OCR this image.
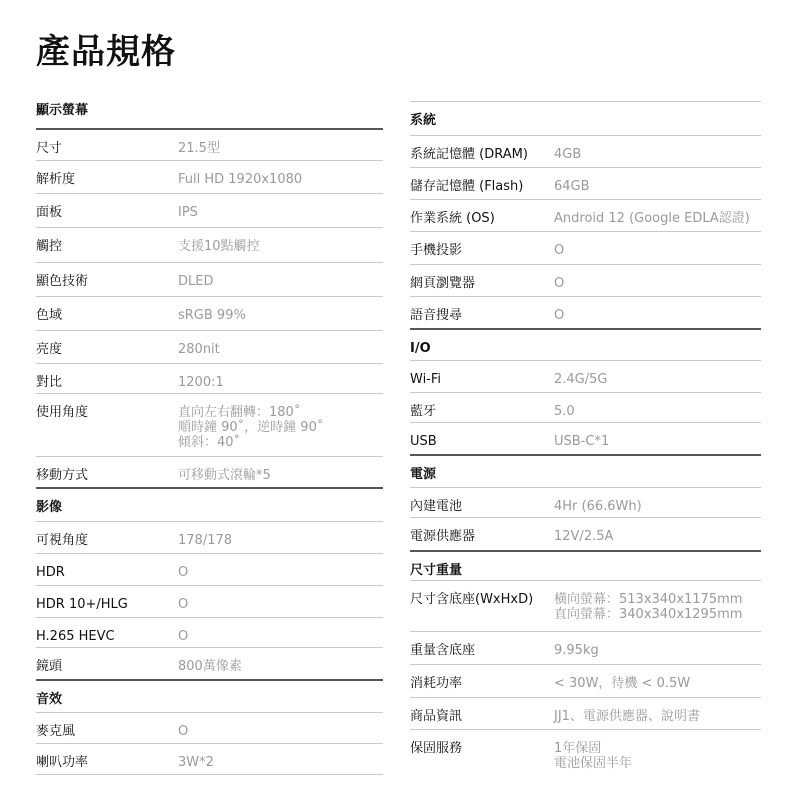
產品規格
顯示螢幕
尺寸	21.5型
解析度	Full HD 1920x1080
面板	IPS
觸控	支援10點觸控
顯色技術	DLED
色域	sRGB 99%
亮度	280nit
對比	1200:1
使用角度	直向左右翻轉：180˚
順時鐘 90˚，逆時鐘 90˚
傾斜：40˚
移動方式	可移動式滾輪*5
影像
可視角度	178/178
HDR	O
HDR 10+/HLG	O
H.265 HEVC	O
鏡頭	800萬像素
音效
麥克風	O
喇叭功率	3W*2
系統
系統記憶體 (DRAM) 4GB
儲存記憶體 (Flash) 64GB
作業系統 (OS)	Android 12 (Google EDLA認證)
手機投影	O
網頁瀏覽器	O
語音搜尋	O
I/O
Wi-Fi	2.4G/5G
藍牙	5.0
USB	USB-C*1
電源
內建電池	4Hr (66.6Wh)
電源供應器	12V/2.5A
尺寸重量
尺寸含底座(WxHxD) 橫向螢幕：513x340x1175mm
直向螢幕：340x340x1295mm
重量含底座	9.95kg
消耗功率	< 30W，待機 < 0.5W
商品資訊	JJ1、電源供應器、說明書
保固服務	1年保固
電池保固半年
